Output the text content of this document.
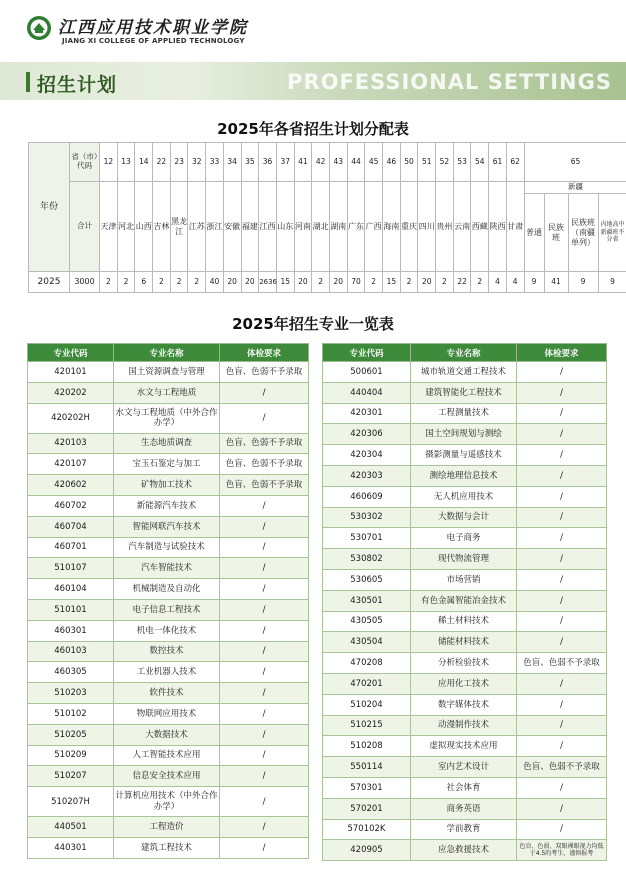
江西应用技术职业学院
JIANG XI COLLEGE OF APPLIED TECHNOLOGY
招生计划	PROFESSIONAL SETTINGS
2025年各省招生计划分配表
年份	省（市）代码	12	13	14	22	23	32	33	34	35	36	37	41	42	43	44	45	46	50	51	52	53	54	61	62	65			
	合计	天津	河北	山西	吉林	黑龙江	江苏	浙江	安徽	福建	江西	山东	河南	湖北	湖南	广东	广西	海南	重庆	四川	贵州	云南	西藏	陕西	甘肃	新疆			
																										普通	民族班	民族班（南疆单列）	内地高中新疆班不分省
2025	3000	2	2	6	2	2	2	40	20	20	2636	15	20	2	20	70	2	15	2	20	2	22	2	4	4	9	41	9	9
2025年招生专业一览表
专业代码	专业名称	体检要求
420101	国土资源调查与管理	色盲、色弱不予录取
420202	水文与工程地质	/
420202H	水文与工程地质（中外合作办学）	/
420103	生态地质调查	色盲、色弱不予录取
420107	宝玉石鉴定与加工	色盲、色弱不予录取
420602	矿物加工技术	色盲、色弱不予录取
460702	新能源汽车技术	/
460704	智能网联汽车技术	/
460701	汽车制造与试验技术	/
510107	汽车智能技术	/
460104	机械制造及自动化	/
510101	电子信息工程技术	/
460301	机电一体化技术	/
460103	数控技术	/
460305	工业机器人技术	/
510203	软件技术	/
510102	物联网应用技术	/
510205	大数据技术	/
510209	人工智能技术应用	/
510207	信息安全技术应用	/
510207H	计算机应用技术（中外合作办学）	/
440501	工程造价	/
440301	建筑工程技术	/
专业代码	专业名称	体检要求
500601	城市轨道交通工程技术	/
440404	建筑智能化工程技术	/
420301	工程测量技术	/
420306	国土空间规划与测绘	/
420304	摄影测量与遥感技术	/
420303	测绘地理信息技术	/
460609	无人机应用技术	/
530302	大数据与会计	/
530701	电子商务	/
530802	现代物流管理	/
530605	市场营销	/
430501	有色金属智能冶金技术	/
430505	稀土材料技术	/
430504	储能材料技术	/
470208	分析检验技术	色盲、色弱不予录取
470201	应用化工技术	/
510204	数字媒体技术	/
510215	动漫制作技术	/
510208	虚拟现实技术应用	/
550114	室内艺术设计	色盲、色弱不予录取
570301	社会体育	/
570201	商务英语	/
570102K	学前教育	/
420905	应急救援技术	色盲、色弱、双眼裸眼视力均低于4.5的考生，谨慎报考
